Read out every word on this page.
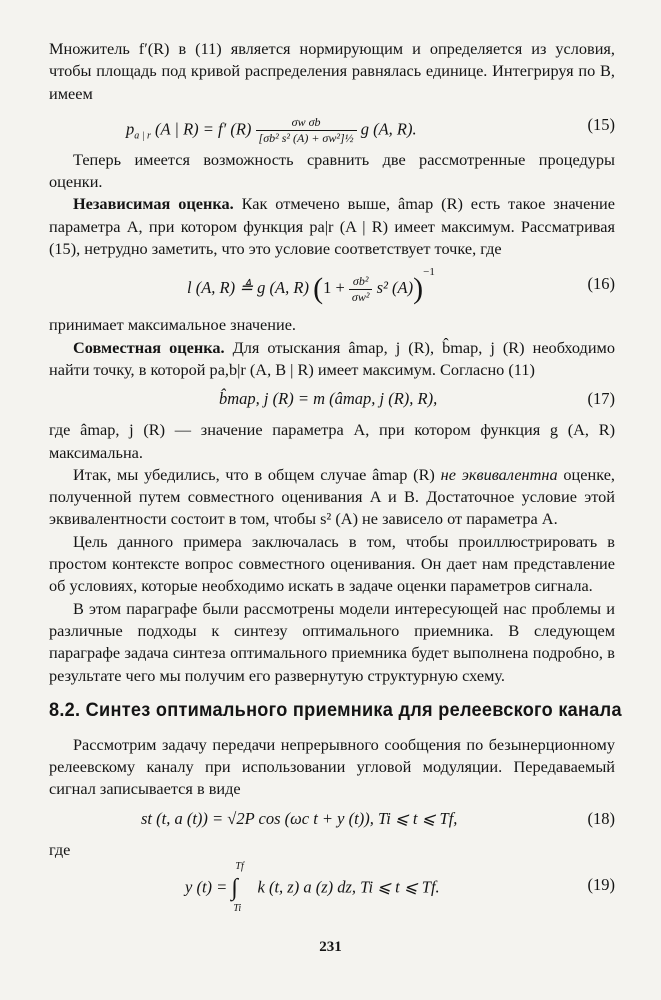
Множитель f′(R) в (11) является нормирующим и определяется из условия, чтобы площадь под кривой распределения равнялась единице. Интегрируя по B, имеем

$p_{a | r}$ (A | R) = f′ $(R) \frac{\text{σw σb}}{\text{[σb² s² (A) + σw²]½}}$ g (A, R).	(15)

Теперь имеется возможность сравнить две рассмотренные процедуры оценки.

Независимая оценка. Как отмечено выше, âmap (R) есть такое значение параметра A, при котором функция pa|r (A | R) имеет максимум. Рассматривая (15), нетрудно заметить, что это условие соответствует точке, где

l (A, R) ≜ g (A, R) ($1 + \frac{\text{σb²}}{\text{σw²}} s^2$ (A))$^{-1}$
(16)

принимает максимальное значение.

Совместная оценка. Для отыскания âmap, j (R), b̂map, j (R) необходимо найти точку, в которой pa,b|r (A, B | R) имеет максимум. Согласно (11)

b̂map, j (R) = m (âmap, j (R), R),	(17)

где âmap, j (R) — значение параметра A, при котором функция g (A, R) максимальна.

Итак, мы убедились, что в общем случае âmap (R) не эквивалентна оценке, полученной путем совместного оценивания A и B. Достаточное условие этой эквивалентности состоит в том, чтобы s² (A) не зависело от параметра A.

Цель данного примера заключалась в том, чтобы проиллюстрировать в простом контексте вопрос совместного оценивания. Он дает нам представление об условиях, которые необходимо искать в задаче оценки параметров сигнала.

В этом параграфе были рассмотрены модели интересующей нас проблемы и различные подходы к синтезу оптимального приемника. В следующем параграфе задача синтеза оптимального приемника будет выполнена подробно, в результате чего мы получим его развернутую структурную схему.

8.2. Синтез оптимального приемника для релеевского канала

Рассмотрим задачу передачи непрерывного сообщения по безынерционному релеевскому каналу при использовании угловой модуляции. Передаваемый сигнал записывается в виде

st (t, a (t)) = √2P cos (ωc t + y (t)), Ti ⩽ t ⩽ Tf,	(18)

где

y (t) = ∫
Tf
Ti
k (t, z) a (z) dz, Ti ⩽ t ⩽ Tf.	(19)
231
